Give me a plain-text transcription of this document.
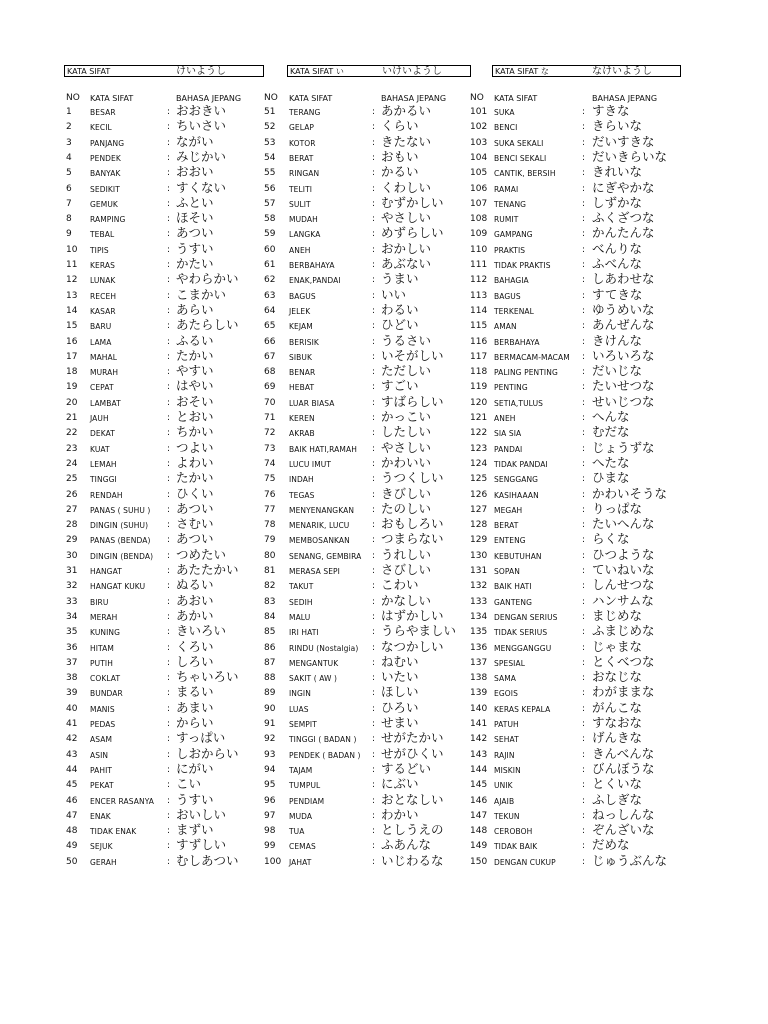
KATA SIFAT	けいようし	KATA SIFAT い	いけいようし	KATA SIFAT な	なけいようし
NO KATA SIFAT	BAHASA JEPANG
1 BESAR	: おおきい
2 KECIL	: ちいさい
3 PANJANG	: ながい
4 PENDEK	: みじかい
5 BANYAK	: おおい
6 SEDIKIT	: すくない
7 GEMUK	: ふとい
8 RAMPING	: ほそい
9 TEBAL	: あつい
10 TIPIS	: うすい
11 KERAS	: かたい
12 LUNAK	: やわらかい
13 RECEH	: こまかい
14 KASAR	: あらい
15 BARU	: あたらしい
16 LAMA	: ふるい
17 MAHAL	: たかい
18 MURAH	: やすい
19 CEPAT	: はやい
20 LAMBAT	: おそい
21 JAUH	: とおい
22 DEKAT	: ちかい
23 KUAT	: つよい
24 LEMAH	: よわい
25 TINGGI	: たかい
26 RENDAH	: ひくい
27 PANAS ( SUHU ) : あつい
28 DINGIN (SUHU) : さむい
29 PANAS (BENDA) : あつい
30 DINGIN (BENDA) : つめたい
31 HANGAT	: あたたかい
32 HANGAT KUKU : ぬるい
33 BIRU	: あおい
34 MERAH	: あかい
35 KUNING	: きいろい
36 HITAM	: くろい
37 PUTIH	: しろい
38 COKLAT	: ちゃいろい
39 BUNDAR	: まるい
40 MANIS	: あまい
41 PEDAS	: からい
42 ASAM	: すっぱい
43 ASIN	: しおからい
44 PAHIT	: にがい
45 PEKAT	: こい
46 ENCER RASANYA : うすい
47 ENAK	: おいしい
48 TIDAK ENAK	: まずい
49 SEJUK	: すずしい
50 GERAH	: むしあつい
NO KATA SIFAT	BAHASA JEPANG
51 TERANG	: あかるい
52 GELAP	: くらい
53 KOTOR	: きたない
54 BERAT	: おもい
55 RINGAN	: かるい
56 TELITI	: くわしい
57 SULIT	: むずかしい
58 MUDAH	: やさしい
59 LANGKA	: めずらしい
60 ANEH	: おかしい
61 BERBAHAYA	: あぶない
62 ENAK,PANDAI	: うまい
63 BAGUS	: いい
64 JELEK	: わるい
65 KEJAM	: ひどい
66 BERISIK	: うるさい
67 SIBUK	: いそがしい
68 BENAR	: ただしい
69 HEBAT	: すごい
70 LUAR BIASA	: すばらしい
71 KEREN	: かっこい
72 AKRAB	: したしい
73 BAIK HATI,RAMAH : やさしい
74 LUCU IMUT	: かわいい
75 INDAH	: うつくしい
76 TEGAS	: きびしい
77 MENYENANGKAN : たのしい
78 MENARIK, LUCU	: おもしろい
79 MEMBOSANKAN : つまらない
80 SENANG, GEMBIRA : うれしい
81 MERASA SEPI	: さびしい
82 TAKUT	: こわい
83 SEDIH	: かなしい
84 MALU	: はずかしい
85 IRI HATI	: うらやましい
86 RINDU (Nostalgia) : なつかしい
87 MENGANTUK	: ねむい
88 SAKIT ( AW )	: いたい
89 INGIN	: ほしい
90 LUAS	: ひろい
91 SEMPIT	: せまい
92 TINGGI ( BADAN ) : せがたかい
93 PENDEK ( BADAN ) : せがひくい
94 TAJAM	: するどい
95 TUMPUL	: にぶい
96 PENDIAM	: おとなしい
97 MUDA	: わかい
98 TUA	: としうえの
99 CEMAS	: ふあんな
100 JAHAT	: いじわるな
NO KATA SIFAT	BAHASA JEPANG
101 SUKA	: すきな
102 BENCI	: きらいな
103 SUKA SEKALI	: だいすきな
104 BENCI SEKALI	: だいきらいな
105 CANTIK, BERSIH	: きれいな
106 RAMAI	: にぎやかな
107 TENANG	: しずかな
108 RUMIT	: ふくざつな
109 GAMPANG	: かんたんな
110 PRAKTIS	: べんりな
111 TIDAK PRAKTIS	: ふべんな
112 BAHAGIA	: しあわせな
113 BAGUS	: すてきな
114 TERKENAL	: ゆうめいな
115 AMAN	: あんぜんな
116 BERBAHAYA	: きけんな
117 BERMACAM-MACAM : いろいろな
118 PALING PENTING	: だいじな
119 PENTING	: たいせつな
120 SETIA,TULUS	: せいじつな
121 ANEH	: へんな
122 SIA SIA	: むだな
123 PANDAI	: じょうずな
124 TIDAK PANDAI	: へたな
125 SENGGANG	: ひまな
126 KASIHAAAN	: かわいそうな
127 MEGAH	: りっぱな
128 BERAT	: たいへんな
129 ENTENG	: らくな
130 KEBUTUHAN	: ひつような
131 SOPAN	: ていねいな
132 BAIK HATI	: しんせつな
133 GANTENG	: ハンサムな
134 DENGAN SERIUS	: まじめな
135 TIDAK SERIUS	: ふまじめな
136 MENGGANGGU	: じゃまな
137 SPESIAL	: とくべつな
138 SAMA	: おなじな
139 EGOIS	: わがままな
140 KERAS KEPALA	: がんこな
141 PATUH	: すなおな
142 SEHAT	: げんきな
143 RAJIN	: きんべんな
144 MISKIN	: びんぼうな
145 UNIK	: とくいな
146 AJAIB	: ふしぎな
147 TEKUN	: ねっしんな
148 CEROBOH	: ぞんざいな
149 TIDAK BAIK	: だめな
150 DENGAN CUKUP	: じゅうぶんな
